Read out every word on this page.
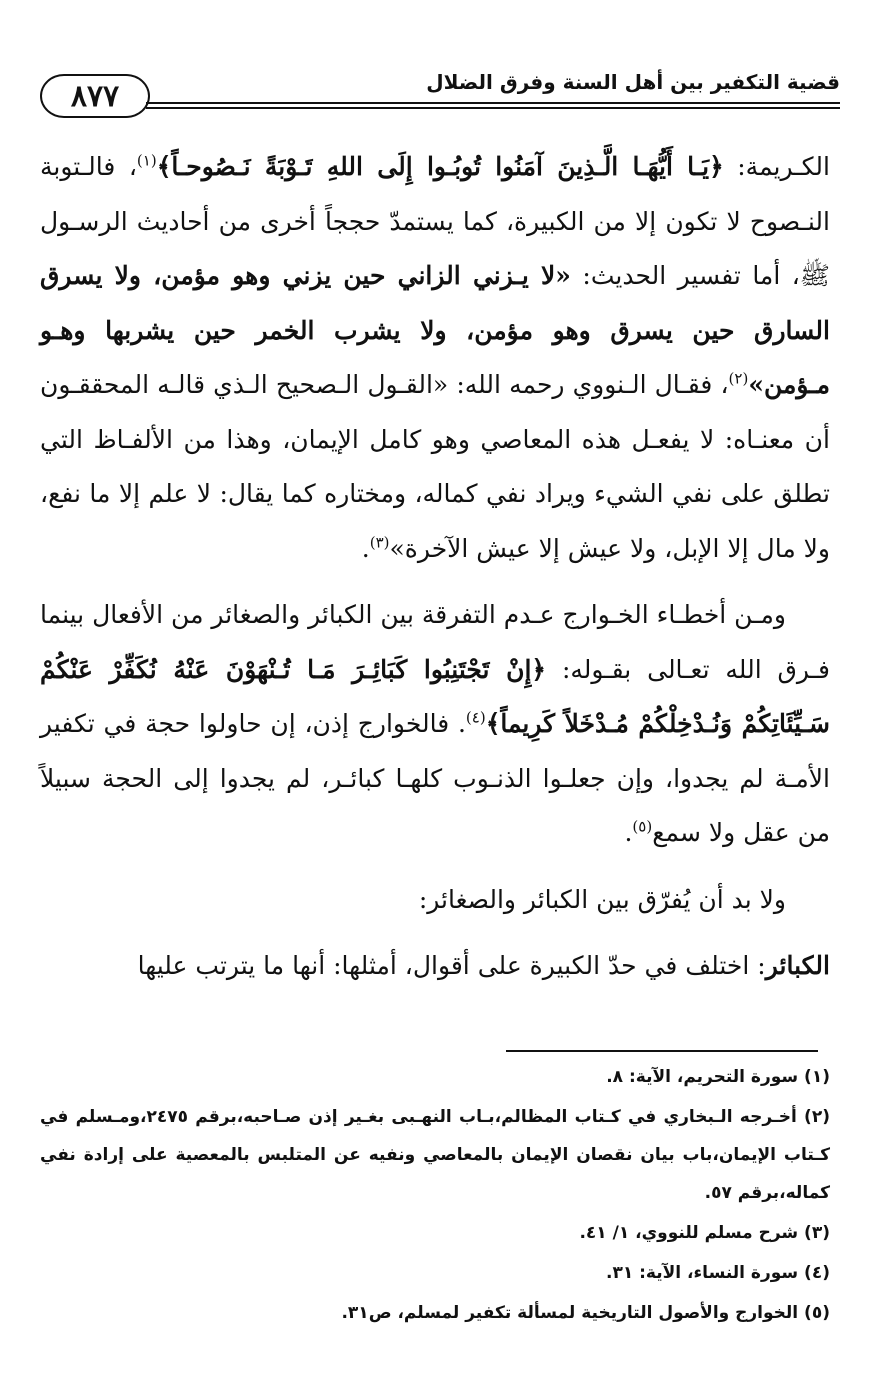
٨٧٧	قضية التكفير بين أهل السنة وفرق الضلال

الكـريمة: ﴿يَـا أَيُّهَـا الَّـذِينَ آمَنُوا تُوبُـوا إِلَى اللهِ تَـوْبَةً نَـصُوحـاً﴾$^{(١)}$، فالـتوبة النـصوح لا تكون إلا من الكبيرة، كما يستمدّ حججاً أخرى من أحاديث الرسـول ﷺ، أما تفسير الحديث: «لا يـزني الزاني حين يزني وهو مؤمن، ولا يسرق السارق حين يسرق وهو مؤمن، ولا يشرب الخمر حين يشربها وهـو مـؤمن»$^{(٢)}$، فقـال الـنووي رحمه الله: «القـول الـصحيح الـذي قالـه المحققـون أن معنـاه: لا يفعـل هذه المعاصي وهو كامل الإيمان، وهذا من الألفـاظ التي تطلق على نفي الشيء ويراد نفي كماله، ومختاره كما يقال: لا علم إلا ما نفع، ولا مال إلا الإبل، ولا عيش إلا عيش الآخرة»$^{(٣)}$.

ومـن أخطـاء الخـوارج عـدم التفرقة بين الكبائر والصغائر من الأفعال بينما فـرق الله تعـالى بقـوله: ﴿إِنْ تَجْتَنِبُوا كَبَائِـرَ مَـا تُـنْهَوْنَ عَنْهُ نُكَفِّرْ عَنْكُمْ سَـيِّئَاتِكُمْ وَنُـدْخِلْكُمْ مُـدْخَلاً كَرِيماً﴾$^{(٤)}$. فالخوارج إذن، إن حاولوا حجة في تكفير الأمـة لم يجدوا، وإن جعلـوا الذنـوب كلهـا كبائـر، لم يجدوا إلى الحجة سبيلاً من عقل ولا سمع$^{(٥)}$.

ولا بد أن يُفرّق بين الكبائر والصغائر:

الكبائر: اختلف في حدّ الكبيرة على أقوال، أمثلها: أنها ما يترتب عليها

(١) سورة التحريم، الآية: ٨.
(٢) أخـرجه الـبخاري في كـتاب المظالم،بـاب النهـبى بغـير إذن صـاحبه،برقم ٢٤٧٥،ومـسلم في كـتاب الإيمان،باب بيان نقصان الإيمان بالمعاصي ونفيه عن المتلبس بالمعصية على إرادة نفي كماله،برقم ٥٧.
(٣) شرح مسلم للنووي، ١/ ٤١.
(٤) سورة النساء، الآية: ٣١.
(٥) الخوارج والأصول التاريخية لمسألة تكفير لمسلم، ص٣١.
